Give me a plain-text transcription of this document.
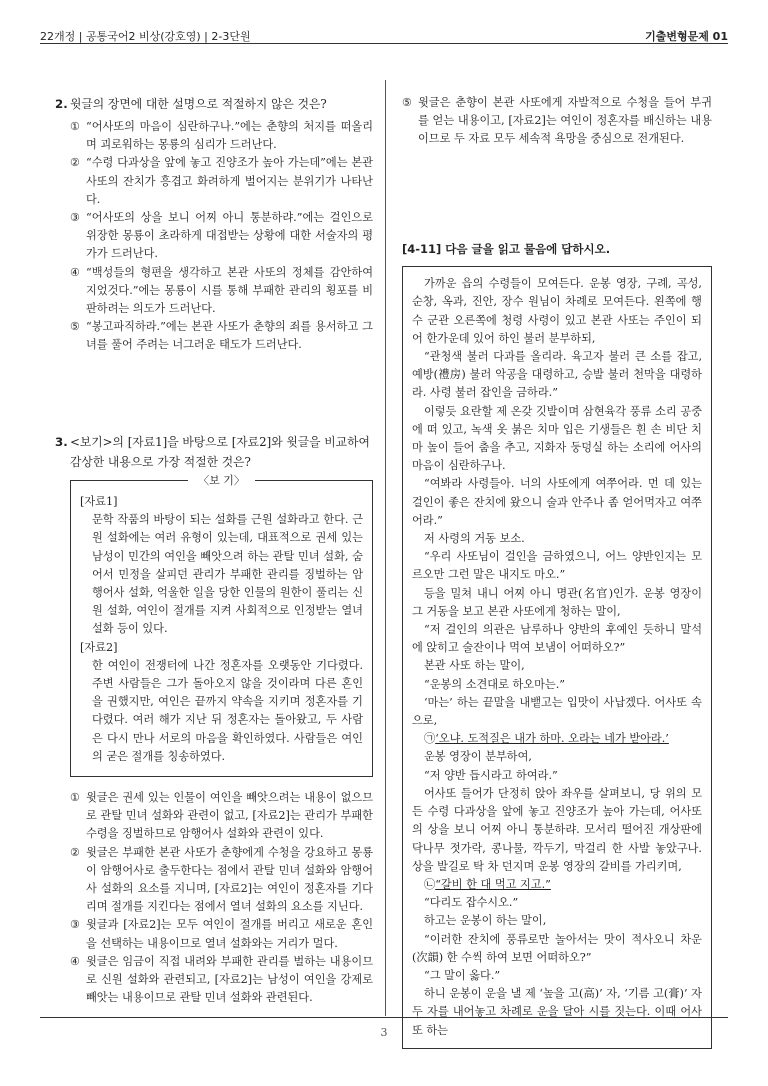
22개정 | 공통국어2 비상(강호영) | 2-3단원	기출변형문제 01
2. 윗글의 장면에 대한 설명으로 적절하지 않은 것은?
① “어사또의 마음이 심란하구나.”에는 춘향의 처지를 떠올리며 괴로워하는 몽룡의 심리가 드러난다.
② “수령 다과상을 앞에 놓고 진양조가 높아 가는데”에는 본관 사또의 잔치가 흥겹고 화려하게 벌어지는 분위기가 나타난다.
③ “어사또의 상을 보니 어찌 아니 통분하랴.”에는 걸인으로 위장한 몽룡이 초라하게 대접받는 상황에 대한 서술자의 평가가 드러난다.
④ “백성들의 형편을 생각하고 본관 사또의 정체를 감안하여 지었것다.”에는 몽룡이 시를 통해 부패한 관리의 횡포를 비판하려는 의도가 드러난다.
⑤ “봉고파직하라.”에는 본관 사또가 춘향의 죄를 용서하고 그녀를 풀어 주려는 너그러운 태도가 드러난다.
3. <보기>의 [자료1]을 바탕으로 [자료2]와 윗글을 비교하여 감상한 내용으로 가장 적절한 것은?
〈보 기〉

[자료1]

문학 작품의 바탕이 되는 설화를 근원 설화라고 한다. 근원 설화에는 여러 유형이 있는데, 대표적으로 권세 있는 남성이 민간의 여인을 빼앗으려 하는 관탈 민녀 설화, 숨어서 민정을 살피던 관리가 부패한 관리를 징벌하는 암행어사 설화, 억울한 일을 당한 인물의 원한이 풀리는 신원 설화, 여인이 절개를 지켜 사회적으로 인정받는 열녀 설화 등이 있다.

[자료2]

한 여인이 전쟁터에 나간 정혼자를 오랫동안 기다렸다. 주변 사람들은 그가 돌아오지 않을 것이라며 다른 혼인을 권했지만, 여인은 끝까지 약속을 지키며 정혼자를 기다렸다. 여러 해가 지난 뒤 정혼자는 돌아왔고, 두 사람은 다시 만나 서로의 마음을 확인하였다. 사람들은 여인의 굳은 절개를 칭송하였다.

① 윗글은 권세 있는 인물이 여인을 빼앗으려는 내용이 없으므로 관탈 민녀 설화와 관련이 없고, [자료2]는 관리가 부패한 수령을 징벌하므로 암행어사 설화와 관련이 있다.
② 윗글은 부패한 본관 사또가 춘향에게 수청을 강요하고 몽룡이 암행어사로 출두한다는 점에서 관탈 민녀 설화와 암행어사 설화의 요소를 지니며, [자료2]는 여인이 정혼자를 기다리며 절개를 지킨다는 점에서 열녀 설화의 요소를 지닌다.
③ 윗글과 [자료2]는 모두 여인이 절개를 버리고 새로운 혼인을 선택하는 내용이므로 열녀 설화와는 거리가 멀다.
④ 윗글은 임금이 직접 내려와 부패한 관리를 벌하는 내용이므로 신원 설화와 관련되고, [자료2]는 남성이 여인을 강제로 빼앗는 내용이므로 관탈 민녀 설화와 관련된다.
⑤ 윗글은 춘향이 본관 사또에게 자발적으로 수청을 들어 부귀를 얻는 내용이고, [자료2]는 여인이 정혼자를 배신하는 내용이므로 두 자료 모두 세속적 욕망을 중심으로 전개된다.

[4-11] 다음 글을 읽고 물음에 답하시오.

가까운 읍의 수령들이 모여든다. 운봉 영장, 구례, 곡성, 순창, 옥과, 진안, 장수 원님이 차례로 모여든다. 왼쪽에 행수 군관 오른쪽에 청령 사령이 있고 본관 사또는 주인이 되어 한가운데 있어 하인 불러 분부하되,

“관청색 불러 다과를 올리라. 육고자 불러 큰 소를 잡고, 예방(禮房) 불러 악공을 대령하고, 승발 불러 천막을 대령하라. 사령 불러 잡인을 금하라.”

이렇듯 요란할 제 온갖 깃발이며 삼현육각 풍류 소리 공중에 떠 있고, 녹색 옷 붉은 치마 입은 기생들은 흰 손 비단 치마 높이 들어 춤을 추고, 지화자 둥덩실 하는 소리에 어사의 마음이 심란하구나.

“여봐라 사령들아. 너의 사또에게 여쭈어라. 먼 데 있는 걸인이 좋은 잔치에 왔으니 술과 안주나 좀 얻어먹자고 여쭈어라.”

저 사령의 거동 보소.

“우리 사또님이 걸인을 금하였으니, 어느 양반인지는 모르오만 그런 말은 내지도 마오.”

등을 밀쳐 내니 어찌 아니 명관(名官)인가. 운봉 영장이 그 거동을 보고 본관 사또에게 청하는 말이,

“저 걸인의 의관은 남루하나 양반의 후예인 듯하니 말석에 앉히고 술잔이나 먹여 보냄이 어떠하오?”

본관 사또 하는 말이,

“운봉의 소견대로 하오마는.”

‘마는’ 하는 끝말을 내뱉고는 입맛이 사납겠다. 어사또 속으로,

㉠‘오냐. 도적질은 내가 하마. 오라는 네가 받아라.’

운봉 영장이 분부하여,

“저 양반 듭시라고 하여라.”

어사또 들어가 단정히 앉아 좌우를 살펴보니, 당 위의 모든 수령 다과상을 앞에 놓고 진양조가 높아 가는데, 어사또의 상을 보니 어찌 아니 통분하랴. 모서리 떨어진 개상판에 닥나무 젓가락, 콩나물, 깍두기, 막걸리 한 사발 놓았구나. 상을 발길로 탁 차 던지며 운봉 영장의 갈비를 가리키며,

㉡“갈비 한 대 먹고 지고.”

“다리도 잡수시오.”

하고는 운봉이 하는 말이,

“이러한 잔치에 풍류로만 놀아서는 맛이 적사오니 차운(次韻) 한 수씩 하여 보면 어떠하오?”

“그 말이 옳다.”

하니 운봉이 운을 낼 제 ‘높을 고(高)’ 자, ‘기름 고(膏)’ 자 두 자를 내어놓고 차례로 운을 달아 시를 짓는다. 이때 어사또 하는

3
